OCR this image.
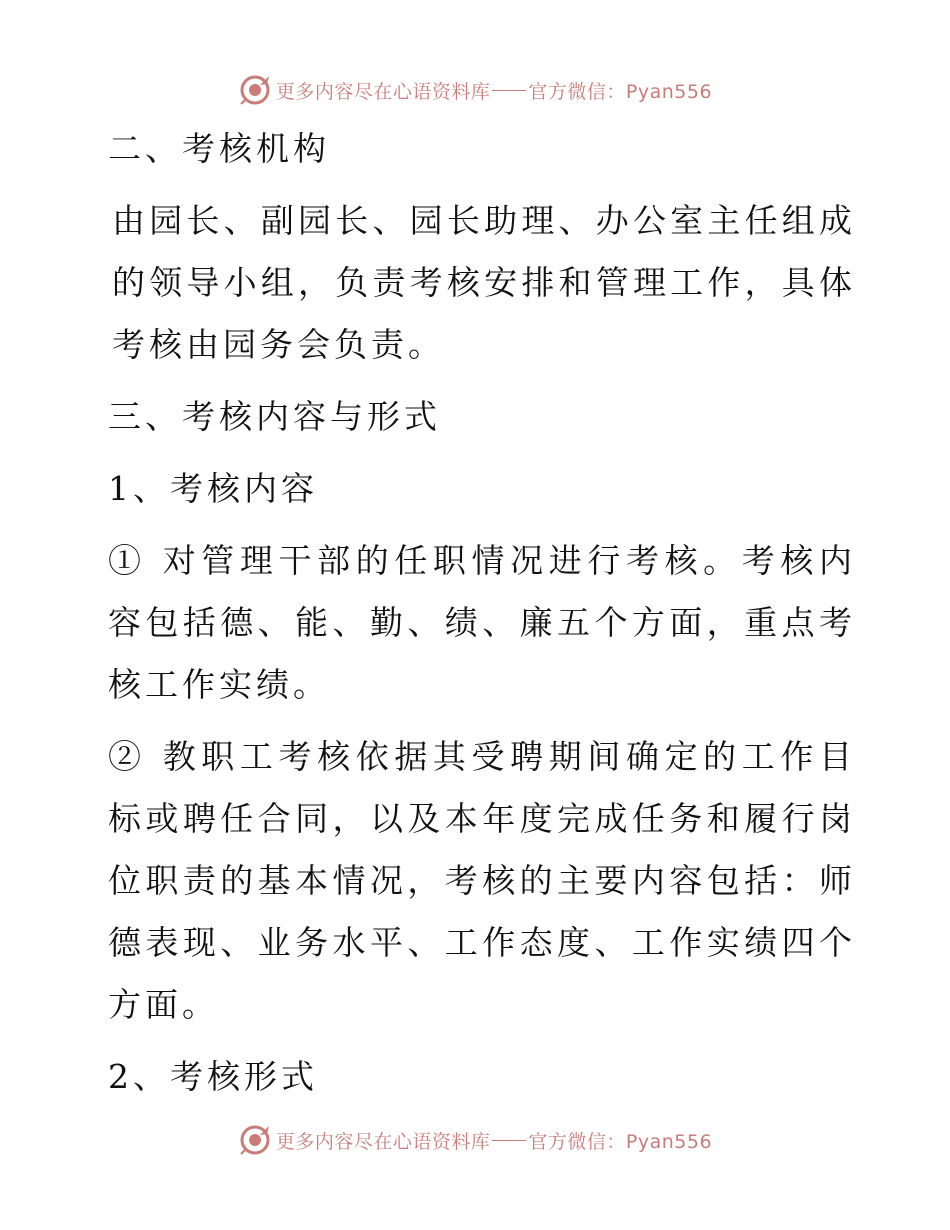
更多内容尽在心语资料库 官方微信：Pyan556

二、考核机构

由园长、副园长、园长助理、办公室主任组成的领导小组，负责考核安排和管理工作，具体考核由园务会负责。

三、考核内容与形式

1、考核内容

① 对管理干部的任职情况进行考核。考核内容包括德、能、勤、绩、廉五个方面，重点考核工作实绩。

② 教职工考核依据其受聘期间确定的工作目标或聘任合同，以及本年度完成任务和履行岗位职责的基本情况，考核的主要内容包括：师德表现、业务水平、工作态度、工作实绩四个方面。

2、考核形式

更多内容尽在心语资料库 官方微信：Pyan556
